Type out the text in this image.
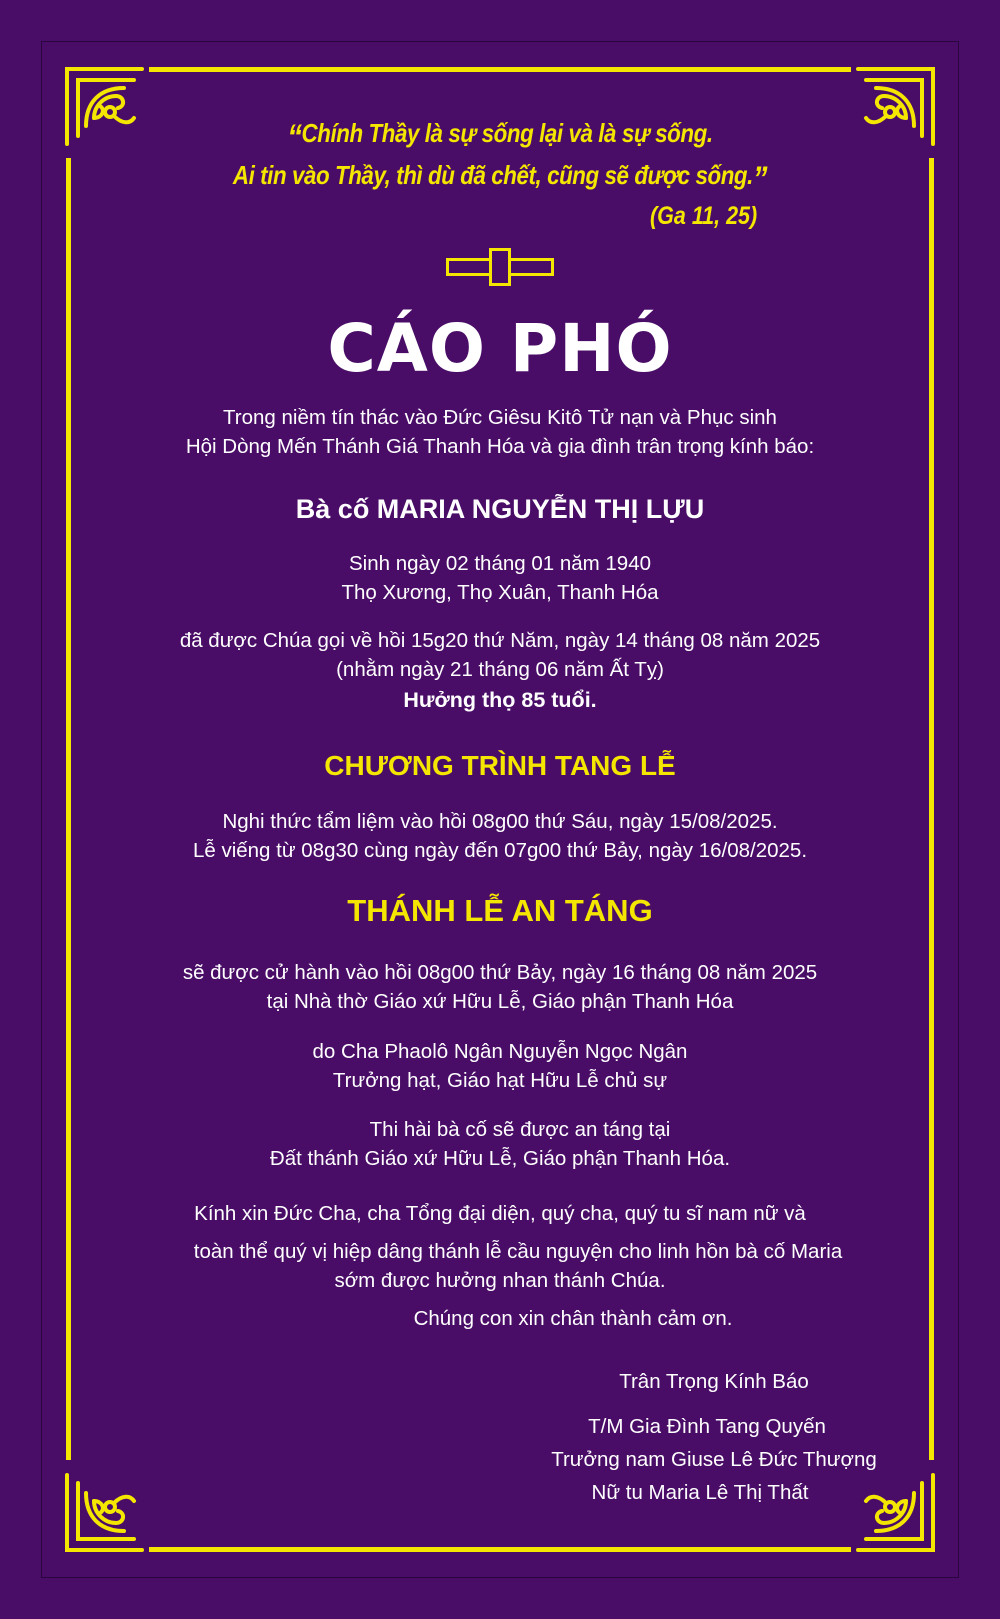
“Chính Thầy là sự sống lại và là sự sống.
Ai tin vào Thầy, thì dù đã chết, cũng sẽ được sống.”
(Ga 11, 25)
CÁO PHÓ
Trong niềm tín thác vào Đức Giêsu Kitô Tử nạn và Phục sinh
Hội Dòng Mến Thánh Giá Thanh Hóa và gia đình trân trọng kính báo:
Bà cố MARIA NGUYỄN THỊ LỰU
Sinh ngày 02 tháng 01 năm 1940
Thọ Xương, Thọ Xuân, Thanh Hóa
đã được Chúa gọi về hồi 15g20 thứ Năm, ngày 14 tháng 08 năm 2025
(nhằm ngày 21 tháng 06 năm Ất Tỵ)
Hưởng thọ 85 tuổi.
CHƯƠNG TRÌNH TANG LỄ
Nghi thức tẩm liệm vào hồi 08g00 thứ Sáu, ngày 15/08/2025.
Lễ viếng từ 08g30 cùng ngày đến 07g00 thứ Bảy, ngày 16/08/2025.
THÁNH LỄ AN TÁNG
sẽ được cử hành vào hồi 08g00 thứ Bảy, ngày 16 tháng 08 năm 2025
tại Nhà thờ Giáo xứ Hữu Lễ, Giáo phận Thanh Hóa
do Cha Phaolô Ngân Nguyễn Ngọc Ngân
Trưởng hạt, Giáo hạt Hữu Lễ chủ sự
Thi hài bà cố sẽ được an táng tại
Đất thánh Giáo xứ Hữu Lễ, Giáo phận Thanh Hóa.
Kính xin Đức Cha, cha Tổng đại diện, quý cha, quý tu sĩ nam nữ và
toàn thể quý vị hiệp dâng thánh lễ cầu nguyện cho linh hồn bà cố Maria
sớm được hưởng nhan thánh Chúa.
Chúng con xin chân thành cảm ơn.
Trân Trọng Kính Báo
T/M Gia Đình Tang Quyến
Trưởng nam Giuse Lê Đức Thượng
Nữ tu Maria Lê Thị Thất
